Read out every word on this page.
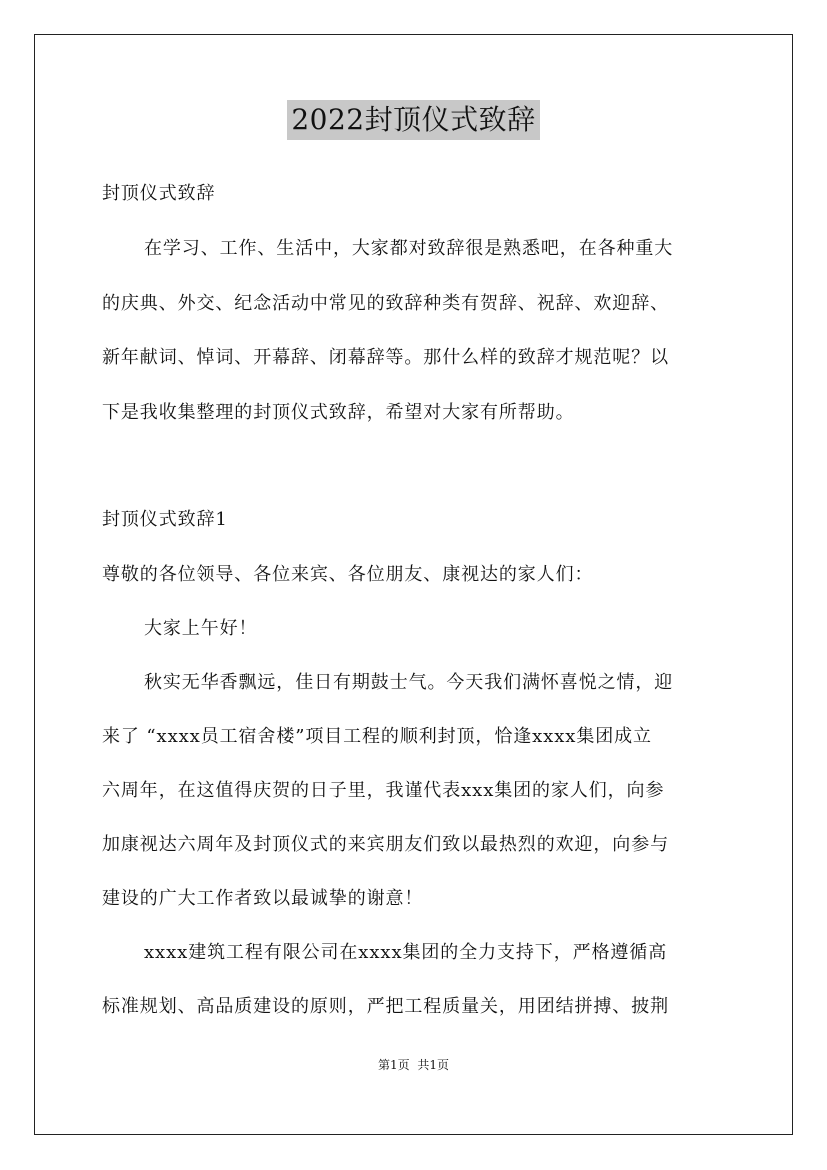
2022封顶仪式致辞
封顶仪式致辞
在学习、工作、生活中，大家都对致辞很是熟悉吧，在各种重大
的庆典、外交、纪念活动中常见的致辞种类有贺辞、祝辞、欢迎辞、
新年献词、悼词、开幕辞、闭幕辞等。那什么样的致辞才规范呢？以
下是我收集整理的封顶仪式致辞，希望对大家有所帮助。
封顶仪式致辞1
尊敬的各位领导、各位来宾、各位朋友、康视达的家人们：
大家上午好！
秋实无华香飘远，佳日有期鼓士气。今天我们满怀喜悦之情，迎
来了 “xxxx员工宿舍楼”项目工程的顺利封顶，恰逢xxxx集团成立
六周年，在这值得庆贺的日子里，我谨代表xxx集团的家人们，向参
加康视达六周年及封顶仪式的来宾朋友们致以最热烈的欢迎，向参与
建设的广大工作者致以最诚挚的谢意！
xxxx建筑工程有限公司在xxxx集团的全力支持下，严格遵循高
标准规划、高品质建设的原则，严把工程质量关，用团结拼搏、披荆
第1页 共1页
